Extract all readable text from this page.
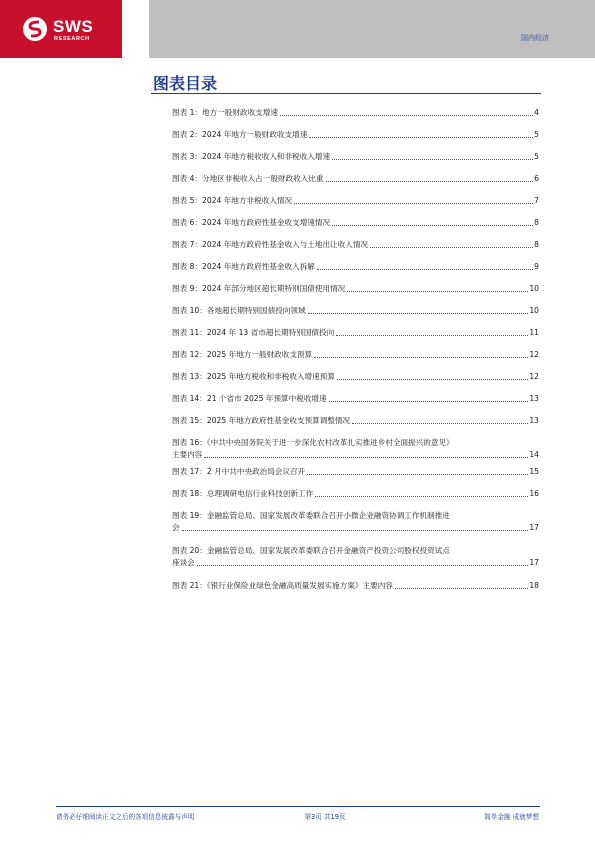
SWS
RESEARCH	国内经济
图表目录
图表 1：地方一般财政收支增速	4
图表 2：2024 年地方一般财政收支增速	5
图表 3：2024 年地方税收收入和非税收入增速	5
图表 4：分地区非税收入占一般财政收入比重	6
图表 5：2024 年地方非税收入情况	7
图表 6：2024 年地方政府性基金收支增速情况	8
图表 7：2024 年地方政府性基金收入与土地出让收入情况	8
图表 8：2024 年地方政府性基金收入拆解	9
图表 9：2024 年部分地区超长期特别国债使用情况	10
图表 10：各地超长期特别国债投向领域	10
图表 11：2024 年 13 省市超长期特别国债投向	11
图表 12：2025 年地方一般财政收支预算	12
图表 13：2025 年地方税收和非税收入增速预算	12
图表 14：21 个省市 2025 年预算中税收增速	13
图表 15：2025 年地方政府性基金收支预算调整情况	13
图表 16：《中共中央国务院关于进一步深化农村改革扎实推进乡村全面振兴的意见》
主要内容	14
图表 17：2 月中共中央政治局会议召开	15
图表 18：总理调研电信行业科技创新工作	16
图表 19：金融监管总局、国家发展改革委联合召开小微企业融资协调工作机制推进
会	17
图表 20：金融监管总局、国家发展改革委联合召开金融资产投资公司股权投资试点
座谈会	17
图表 21：《银行业保险业绿色金融高质量发展实施方案》主要内容	18
请务必仔细阅读正文之后的各项信息披露与声明	第3页 共19页	简单金融 成就梦想
